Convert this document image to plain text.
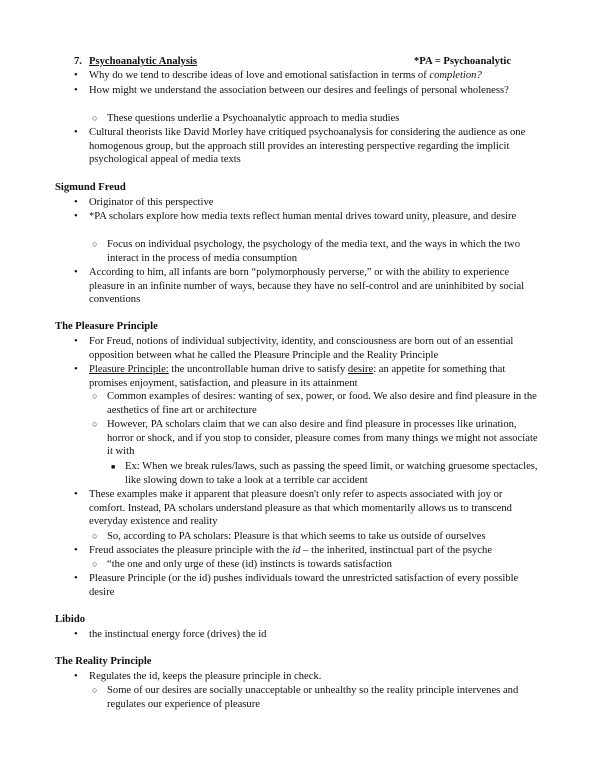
7. Psychoanalytic Analysis	*PA = Psychoanalytic
• Why do we tend to describe ideas of love and emotional satisfaction in terms of completion?

• How might we understand the association between our desires and feelings of personal wholeness?

○ These questions underlie a Psychoanalytic approach to media studies

• Cultural theorists like David Morley have critiqued psychoanalysis for considering the audience as one homogenous group, but the approach still provides an interesting perspective regarding the implicit psychological appeal of media texts

Sigmund Freud

• Originator of this perspective

• *PA scholars explore how media texts reflect human mental drives toward unity, pleasure, and desire

○ Focus on individual psychology, the psychology of the media text, and the ways in which the two interact in the process of media consumption

• According to him, all infants are born “polymorphously perverse,” or with the ability to experience pleasure in an infinite number of ways, because they have no self-control and are uninhibited by social conventions

The Pleasure Principle

• For Freud, notions of individual subjectivity, identity, and consciousness are born out of an essential opposition between what he called the Pleasure Principle and the Reality Principle

• Pleasure Principle: the uncontrollable human drive to satisfy desire: an appetite for something that promises enjoyment, satisfaction, and pleasure in its attainment

○ Common examples of desires: wanting of sex, power, or food. We also desire and find pleasure in the aesthetics of fine art or architecture

○ However, PA scholars claim that we can also desire and find pleasure in processes like urination, horror or shock, and if you stop to consider, pleasure comes from many things we might not associate it with

■ Ex: When we break rules/laws, such as passing the speed limit, or watching gruesome spectacles, like slowing down to take a look at a terrible car accident

• These examples make it apparent that pleasure doesn't only refer to aspects associated with joy or comfort. Instead, PA scholars understand pleasure as that which momentarily allows us to transcend everyday existence and reality

○ So, according to PA scholars: Pleasure is that which seems to take us outside of ourselves

• Freud associates the pleasure principle with the id – the inherited, instinctual part of the psyche

○ “the one and only urge of these (id) instincts is towards satisfaction

• Pleasure Principle (or the id) pushes individuals toward the unrestricted satisfaction of every possible desire

Libido

• the instinctual energy force (drives) the id

The Reality Principle

• Regulates the id, keeps the pleasure principle in check.

○ Some of our desires are socially unacceptable or unhealthy so the reality principle intervenes and regulates our experience of pleasure
